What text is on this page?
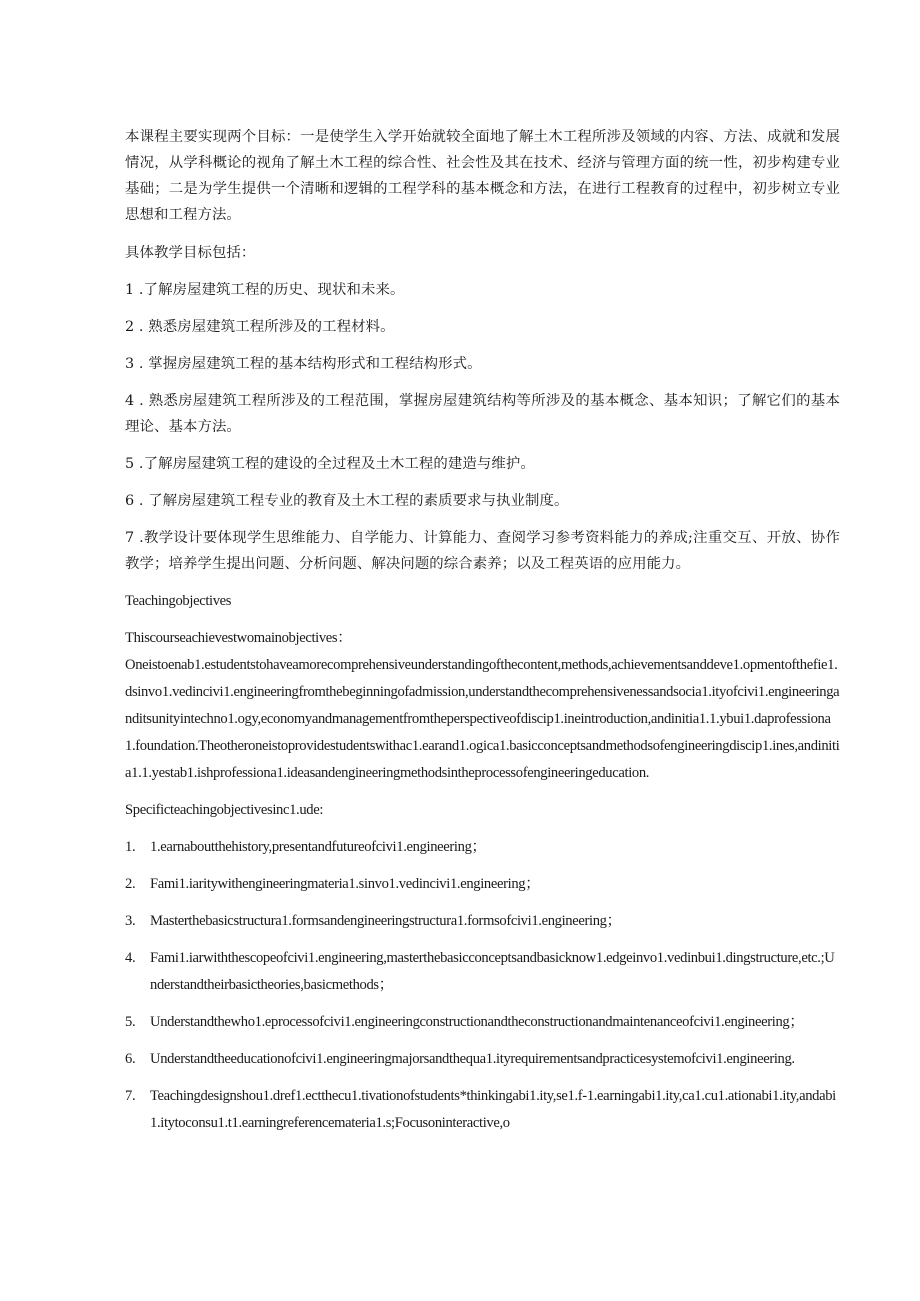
本课程主要实现两个目标：一是使学生入学开始就较全面地了解土木工程所涉及领域的内容、方法、成就和发展情况，从学科概论的视角了解土木工程的综合性、社会性及其在技术、经济与管理方面的统一性，初步构建专业基础；二是为学生提供一个清晰和逻辑的工程学科的基本概念和方法，在进行工程教育的过程中，初步树立专业思想和工程方法。

具体教学目标包括：

1 .了解房屋建筑工程的历史、现状和未来。

2 . 熟悉房屋建筑工程所涉及的工程材料。

3 . 掌握房屋建筑工程的基本结构形式和工程结构形式。

4 . 熟悉房屋建筑工程所涉及的工程范围，掌握房屋建筑结构等所涉及的基本概念、基本知识；了解它们的基本理论、基本方法。

5 .了解房屋建筑工程的建设的全过程及土木工程的建造与维护。

6 . 了解房屋建筑工程专业的教育及土木工程的素质要求与执业制度。

7 .教学设计要体现学生思维能力、自学能力、计算能力、查阅学习参考资料能力的养成;注重交互、开放、协作教学；培养学生提出问题、分析问题、解决问题的综合素养；以及工程英语的应用能力。

Teachingobjectives

Thiscourseachievestwomainobjectives：

Oneistoenab1.estudentstohaveamorecomprehensiveunderstandingofthecontent,methods,achievementsanddeve1.opmentofthefie1.dsinvo1.vedincivi1.engineeringfromthebeginningofadmission,understandthecomprehensivenessandsocia1.ityofcivi1.engineeringanditsunityintechno1.ogy,economyandmanagementfromtheperspectiveofdiscip1.ineintroduction,andinitia1.1.ybui1.daprofessiona1.foundation.Theotheroneistoprovidestudentswithac1.earand1.ogica1.basicconceptsandmethodsofengineeringdiscip1.ines,andinitia1.1.yestab1.ishprofessiona1.ideasandengineeringmethodsintheprocessofengineeringeducation.

Specificteachingobjectivesinc1.ude:

1. 1.earnaboutthehistory,presentandfutureofcivi1.engineering；
2. Fami1.iaritywithengineeringmateria1.sinvo1.vedincivi1.engineering；
3. Masterthebasicstructura1.formsandengineeringstructura1.formsofcivi1.engineering；
4. Fami1.iarwiththescopeofcivi1.engineering,masterthebasicconceptsandbasicknow1.edgeinvo1.vedinbui1.dingstructure,etc.;Understandtheirbasictheories,basicmethods；
5. Understandthewho1.eprocessofcivi1.engineeringconstructionandtheconstructionandmaintenanceofcivi1.engineering；
6. Understandtheeducationofcivi1.engineeringmajorsandthequa1.ityrequirementsandpracticesystemofcivi1.engineering.
7. Teachingdesignshou1.dref1.ectthecu1.tivationofstudents*thinkingabi1.ity,se1.f-1.earningabi1.ity,ca1.cu1.ationabi1.ity,andabi1.itytoconsu1.t1.earningreferencemateria1.s;Focusoninteractive,o
